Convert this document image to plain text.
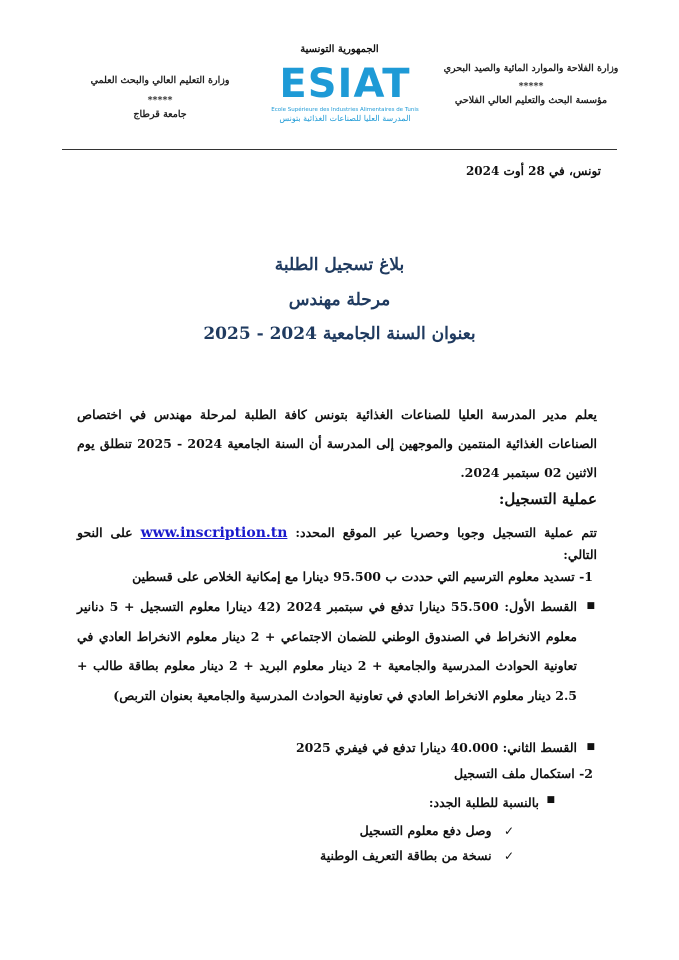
الجمهورية التونسية
وزارة الفلاحة والموارد المائية والصيد البحري
*****
مؤسسة البحث والتعليم العالي الفلاحي
وزارة التعليم العالي والبحث العلمي
*****
جامعة قرطاج
ESIAT
Ecole Supérieure des Industries Alimentaires de Tunis
المدرسة العليا للصناعات الغذائية بتونس
تونس، في 28 أوت 2024
بلاغ تسجيل الطلبة
مرحلة مهندس
بعنوان السنة الجامعية 2024 - 2025
يعلم مدير المدرسة العليا للصناعات الغذائية بتونس كافة الطلبة لمرحلة مهندس في اختصاص الصناعات الغذائية المنتمين والموجهين إلى المدرسة أن السنة الجامعية 2024 - 2025 تنطلق يوم الاثنين 02 سبتمبر 2024.
عملية التسجيل:
تتم عملية التسجيل وجوبا وحصريا عبر الموقع المحدد: www.inscription.tn على النحو التالي:
1- تسديد معلوم الترسيم التي حددت ب 95.500 دينارا مع إمكانية الخلاص على قسطين
■
القسط الأول: 55.500 دينارا تدفع في سبتمبر 2024 (42 دينارا معلوم التسجيل + 5 دنانير معلوم الانخراط في الصندوق الوطني للضمان الاجتماعي + 2 دينار معلوم الانخراط العادي في تعاونية الحوادث المدرسية والجامعية + 2 دينار معلوم البريد + 2 دينار معلوم بطاقة طالب + 2.5 دينار معلوم الانخراط العادي في تعاونية الحوادث المدرسية والجامعية بعنوان التربص)
■
القسط الثاني: 40.000 دينارا تدفع في فيفري 2025
2- استكمال ملف التسجيل
■
بالنسبة للطلبة الجدد:
✓ وصل دفع معلوم التسجيل
✓ نسخة من بطاقة التعريف الوطنية
